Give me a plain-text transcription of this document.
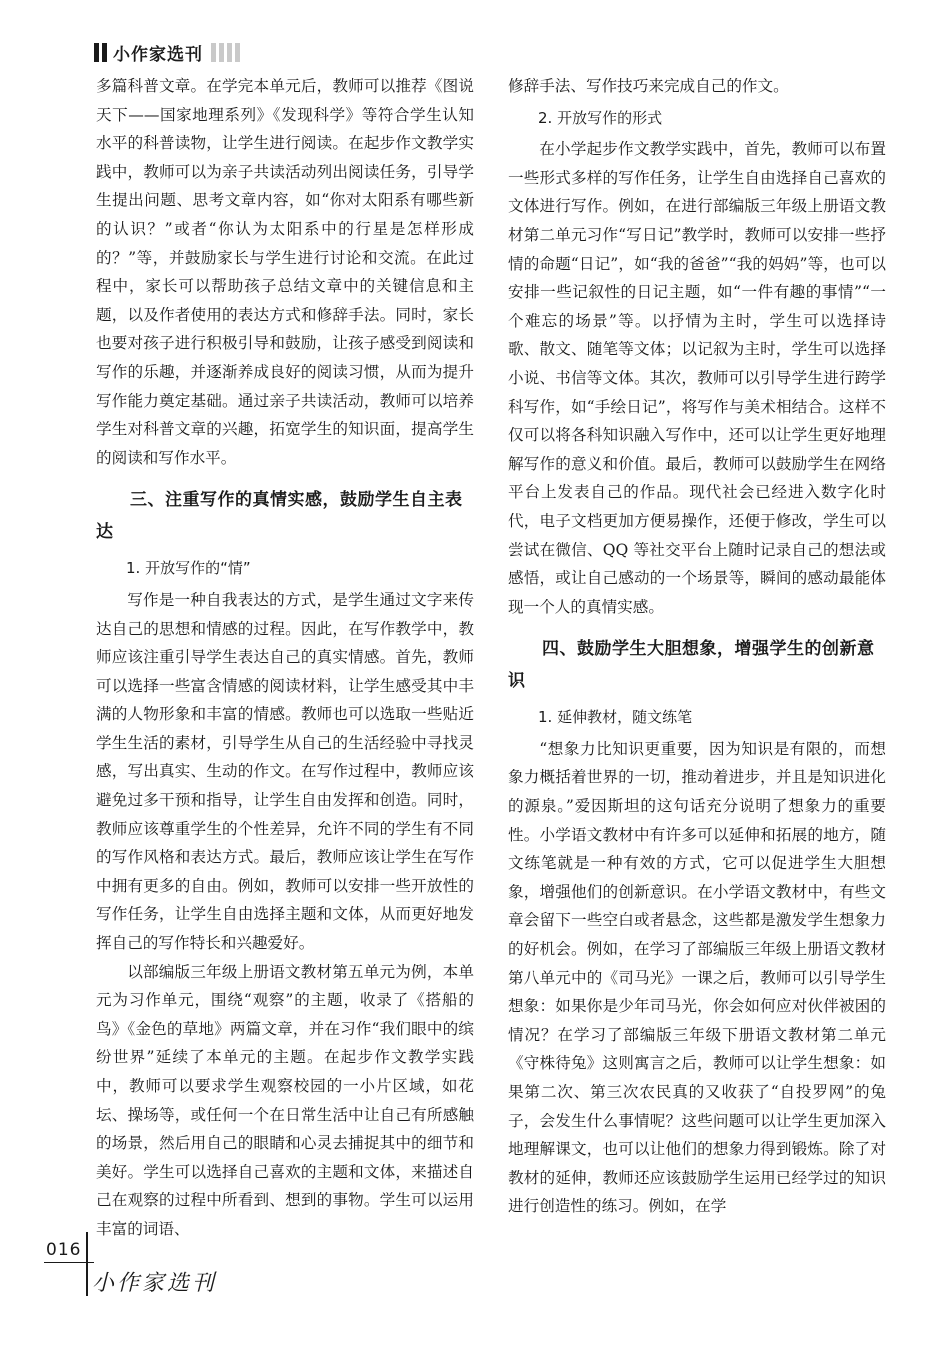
小作家选刊

多篇科普文章。在学完本单元后，教师可以推荐《图说天下——国家地理系列》《发现科学》等符合学生认知水平的科普读物，让学生进行阅读。在起步作文教学实践中，教师可以为亲子共读活动列出阅读任务，引导学生提出问题、思考文章内容，如“你对太阳系有哪些新的认识？”或者“你认为太阳系中的行星是怎样形成的？”等，并鼓励家长与学生进行讨论和交流。在此过程中，家长可以帮助孩子总结文章中的关键信息和主题，以及作者使用的表达方式和修辞手法。同时，家长也要对孩子进行积极引导和鼓励，让孩子感受到阅读和写作的乐趣，并逐渐养成良好的阅读习惯，从而为提升写作能力奠定基础。通过亲子共读活动，教师可以培养学生对科普文章的兴趣，拓宽学生的知识面，提高学生的阅读和写作水平。

三、注重写作的真情实感，鼓励学生自主表达

1. 开放写作的“情”

写作是一种自我表达的方式，是学生通过文字来传达自己的思想和情感的过程。因此，在写作教学中，教师应该注重引导学生表达自己的真实情感。首先，教师可以选择一些富含情感的阅读材料，让学生感受其中丰满的人物形象和丰富的情感。教师也可以选取一些贴近学生生活的素材，引导学生从自己的生活经验中寻找灵感，写出真实、生动的作文。在写作过程中，教师应该避免过多干预和指导，让学生自由发挥和创造。同时，教师应该尊重学生的个性差异，允许不同的学生有不同的写作风格和表达方式。最后，教师应该让学生在写作中拥有更多的自由。例如，教师可以安排一些开放性的写作任务，让学生自由选择主题和文体，从而更好地发挥自己的写作特长和兴趣爱好。

以部编版三年级上册语文教材第五单元为例，本单元为习作单元，围绕“观察”的主题，收录了《搭船的鸟》《金色的草地》两篇文章，并在习作“我们眼中的缤纷世界”延续了本单元的主题。在起步作文教学实践中，教师可以要求学生观察校园的一小片区域，如花坛、操场等，或任何一个在日常生活中让自己有所感触的场景，然后用自己的眼睛和心灵去捕捉其中的细节和美好。学生可以选择自己喜欢的主题和文体，来描述自己在观察的过程中所看到、想到的事物。学生可以运用丰富的词语、

修辞手法、写作技巧来完成自己的作文。

2. 开放写作的形式

在小学起步作文教学实践中，首先，教师可以布置一些形式多样的写作任务，让学生自由选择自己喜欢的文体进行写作。例如，在进行部编版三年级上册语文教材第二单元习作“写日记”教学时，教师可以安排一些抒情的命题“日记”，如“我的爸爸”“我的妈妈”等，也可以安排一些记叙性的日记主题，如“一件有趣的事情”“一个难忘的场景”等。以抒情为主时，学生可以选择诗歌、散文、随笔等文体；以记叙为主时，学生可以选择小说、书信等文体。其次，教师可以引导学生进行跨学科写作，如“手绘日记”，将写作与美术相结合。这样不仅可以将各科知识融入写作中，还可以让学生更好地理解写作的意义和价值。最后，教师可以鼓励学生在网络平台上发表自己的作品。现代社会已经进入数字化时代，电子文档更加方便易操作，还便于修改，学生可以尝试在微信、QQ 等社交平台上随时记录自己的想法或感悟，或让自己感动的一个场景等，瞬间的感动最能体现一个人的真情实感。

四、鼓励学生大胆想象，增强学生的创新意识

1. 延伸教材，随文练笔

“想象力比知识更重要，因为知识是有限的，而想象力概括着世界的一切，推动着进步，并且是知识进化的源泉。”爱因斯坦的这句话充分说明了想象力的重要性。小学语文教材中有许多可以延伸和拓展的地方，随文练笔就是一种有效的方式，它可以促进学生大胆想象，增强他们的创新意识。在小学语文教材中，有些文章会留下一些空白或者悬念，这些都是激发学生想象力的好机会。例如，在学习了部编版三年级上册语文教材第八单元中的《司马光》一课之后，教师可以引导学生想象：如果你是少年司马光，你会如何应对伙伴被困的情况？在学习了部编版三年级下册语文教材第二单元《守株待兔》这则寓言之后，教师可以让学生想象：如果第二次、第三次农民真的又收获了“自投罗网”的兔子，会发生什么事情呢？这些问题可以让学生更加深入地理解课文，也可以让他们的想象力得到锻炼。除了对教材的延伸，教师还应该鼓励学生运用已经学过的知识进行创造性的练习。例如，在学

016
小作家选刊
